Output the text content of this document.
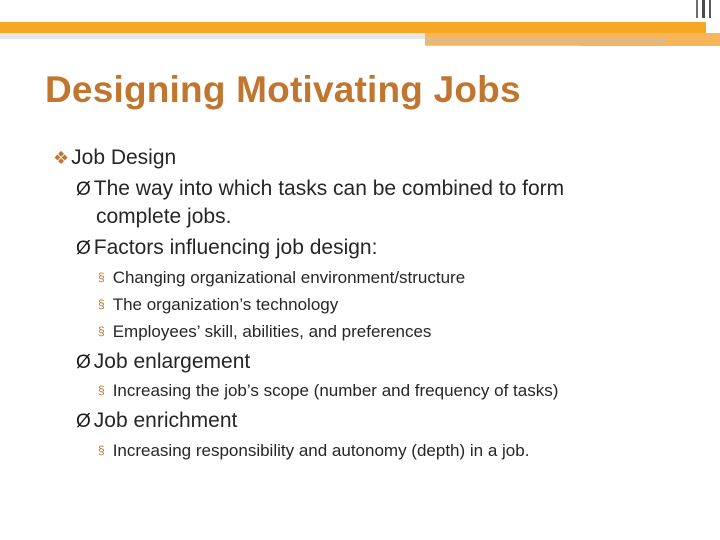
Designing Motivating Jobs
❖Job Design
Ø The way into which tasks can be combined to form
complete jobs.
Ø Factors influencing job design:
§ Changing organizational environment/structure
§ The organization’s technology
§ Employees’ skill, abilities, and preferences
Ø Job enlargement
§ Increasing the job’s scope (number and frequency of tasks)
Ø Job enrichment
§ Increasing responsibility and autonomy (depth) in a job.
